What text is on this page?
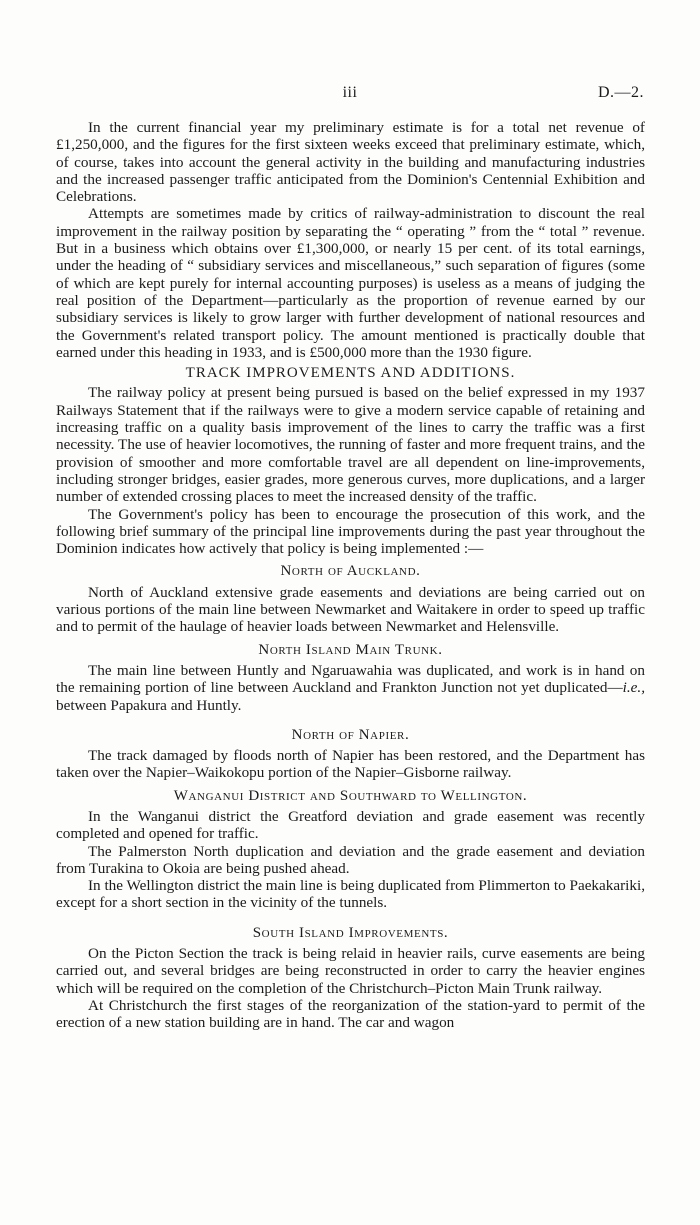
iii	D.—2.

In the current financial year my preliminary estimate is for a total net revenue of £1,250,000, and the figures for the first sixteen weeks exceed that preliminary estimate, which, of course, takes into account the general activity in the building and manufacturing industries and the increased passenger traffic anticipated from the Dominion's Centennial Exhibition and Celebrations.

Attempts are sometimes made by critics of railway-administration to discount the real improvement in the railway position by separating the “ operating ” from the “ total ” revenue. But in a business which obtains over £1,300,000, or nearly 15 per cent. of its total earnings, under the heading of “ subsidiary services and miscellaneous,” such separation of figures (some of which are kept purely for internal accounting purposes) is useless as a means of judging the real position of the Department—particularly as the proportion of revenue earned by our subsidiary services is likely to grow larger with further development of national resources and the Government's related transport policy. The amount mentioned is practically double that earned under this heading in 1933, and is £500,000 more than the 1930 figure.

TRACK IMPROVEMENTS AND ADDITIONS.

The railway policy at present being pursued is based on the belief expressed in my 1937 Railways Statement that if the railways were to give a modern service capable of retaining and increasing traffic on a quality basis improvement of the lines to carry the traffic was a first necessity. The use of heavier locomotives, the running of faster and more frequent trains, and the provision of smoother and more comfortable travel are all dependent on line-improvements, including stronger bridges, easier grades, more generous curves, more duplications, and a larger number of extended crossing places to meet the increased density of the traffic.

The Government's policy has been to encourage the prosecution of this work, and the following brief summary of the principal line improvements during the past year throughout the Dominion indicates how actively that policy is being implemented :—

North of Auckland.

North of Auckland extensive grade easements and deviations are being carried out on various portions of the main line between Newmarket and Waitakere in order to speed up traffic and to permit of the haulage of heavier loads between Newmarket and Helensville.

North Island Main Trunk.

The main line between Huntly and Ngaruawahia was duplicated, and work is in hand on the remaining portion of line between Auckland and Frankton Junction not yet duplicated—i.e., between Papakura and Huntly.

North of Napier.

The track damaged by floods north of Napier has been restored, and the Department has taken over the Napier–Waikokopu portion of the Napier–Gisborne railway.

Wanganui District and Southward to Wellington.

In the Wanganui district the Greatford deviation and grade easement was recently completed and opened for traffic.

The Palmerston North duplication and deviation and the grade easement and deviation from Turakina to Okoia are being pushed ahead.

In the Wellington district the main line is being duplicated from Plimmerton to Paekakariki, except for a short section in the vicinity of the tunnels.

South Island Improvements.

On the Picton Section the track is being relaid in heavier rails, curve easements are being carried out, and several bridges are being reconstructed in order to carry the heavier engines which will be required on the completion of the Christchurch–Picton Main Trunk railway.

At Christchurch the first stages of the reorganization of the station-yard to permit of the erection of a new station building are in hand. The car and wagon
